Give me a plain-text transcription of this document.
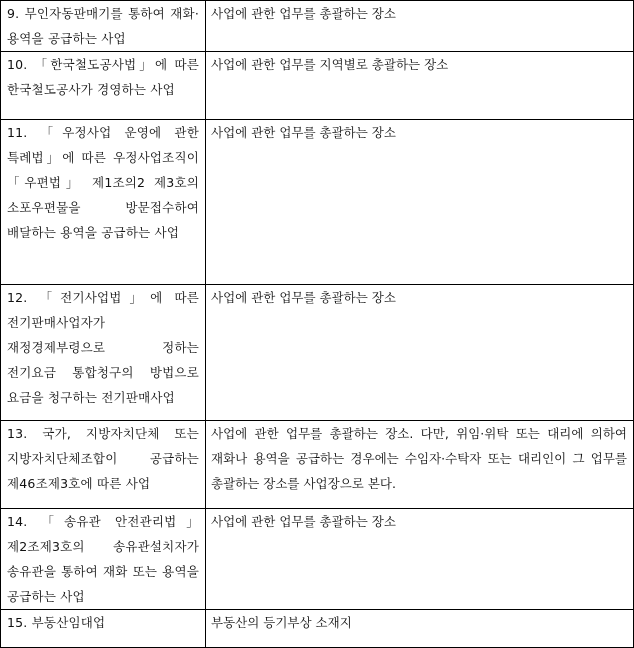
9. 무인자동판매기를 통하여 재화·용역을 공급하는 사업	사업에 관한 업무를 총괄하는 장소
10. 「한국철도공사법」에 따른 한국철도공사가 경영하는 사업	사업에 관한 업무를 지역별로 총괄하는 장소
11. 「우정사업 운영에 관한 특례법」에 따른 우정사업조직이 「우편법」 제1조의2 제3호의 소포우편물을 방문접수하여 배달하는 용역을 공급하는 사업	사업에 관한 업무를 총괄하는 장소
12. 「전기사업법」에 따른 전기판매사업자가 재정경제부령으로 정하는 전기요금 통합청구의 방법으로 요금을 청구하는 전기판매사업	사업에 관한 업무를 총괄하는 장소
13. 국가, 지방자치단체 또는 지방자치단체조합이 공급하는 제46조제3호에 따른 사업	사업에 관한 업무를 총괄하는 장소. 다만, 위임·위탁 또는 대리에 의하여 재화나 용역을 공급하는 경우에는 수임자·수탁자 또는 대리인이 그 업무를 총괄하는 장소를 사업장으로 본다.
14. 「송유관 안전관리법」 제2조제3호의 송유관설치자가 송유관을 통하여 재화 또는 용역을 공급하는 사업	사업에 관한 업무를 총괄하는 장소
15. 부동산임대업	부동산의 등기부상 소재지
